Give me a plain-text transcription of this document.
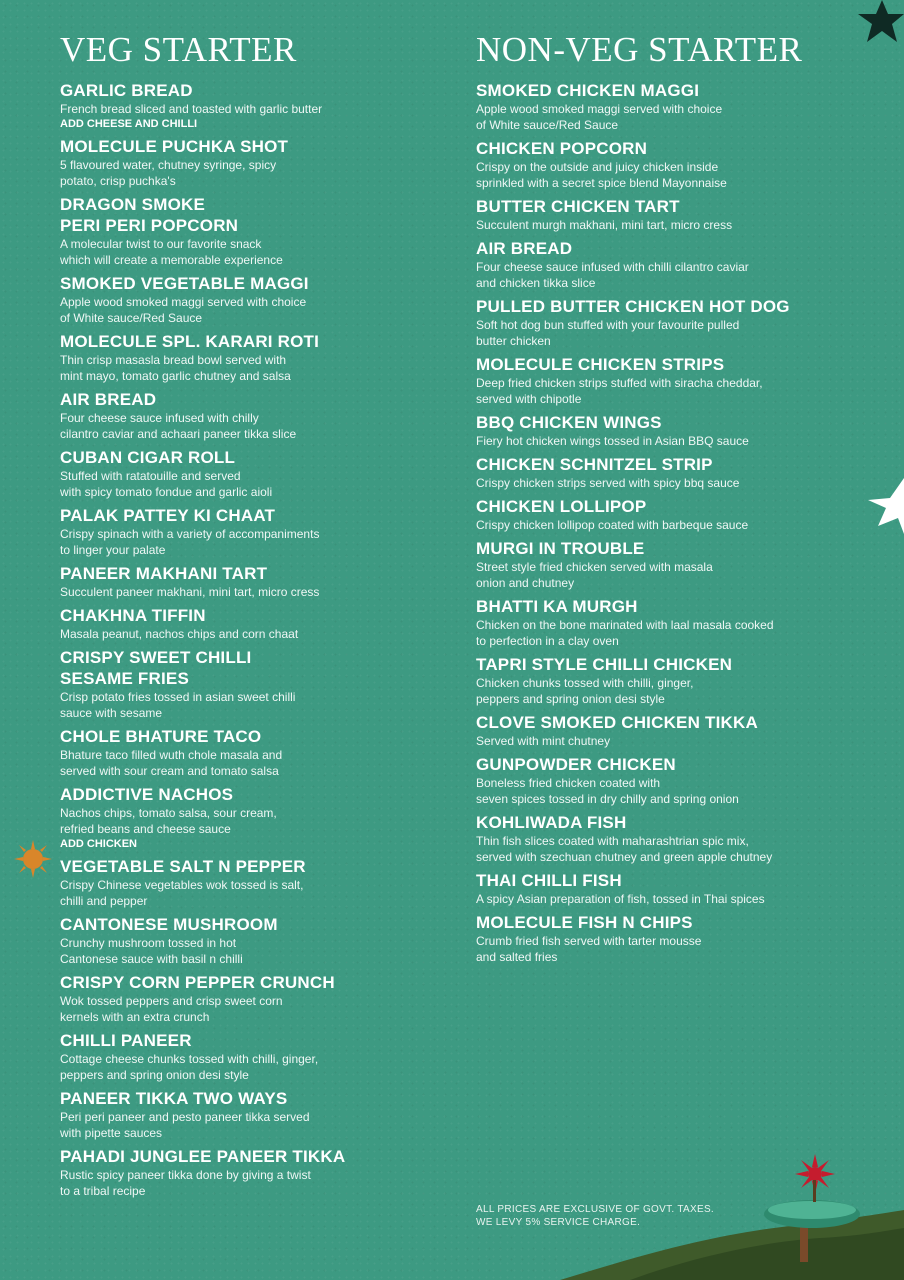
VEG STARTER
GARLIC BREAD
French bread sliced and toasted with garlic butter
ADD CHEESE AND CHILLI
MOLECULE PUCHKA SHOT
5 flavoured water, chutney syringe, spicy
potato, crisp puchka's
DRAGON SMOKE
PERI PERI POPCORN
A molecular twist to our favorite snack
which will create a memorable experience
SMOKED VEGETABLE MAGGI
Apple wood smoked maggi served with choice
of White sauce/Red Sauce
MOLECULE SPL. KARARI ROTI
Thin crisp masasla bread bowl served with
mint mayo, tomato garlic chutney and salsa
AIR BREAD
Four cheese sauce infused with chilly
cilantro caviar and achaari paneer tikka slice
CUBAN CIGAR ROLL
Stuffed with ratatouille and served
with spicy tomato fondue and garlic aioli
PALAK PATTEY KI CHAAT
Crispy spinach with a variety of accompaniments
to linger your palate
PANEER MAKHANI TART
Succulent paneer makhani, mini tart, micro cress
CHAKHNA TIFFIN
Masala peanut, nachos chips and corn chaat
CRISPY SWEET CHILLI
SESAME FRIES
Crisp potato fries tossed in asian sweet chilli
sauce with sesame
CHOLE BHATURE TACO
Bhature taco filled wuth chole masala and
served with sour cream and tomato salsa
ADDICTIVE NACHOS
Nachos chips, tomato salsa, sour cream,
refried beans and cheese sauce
ADD CHICKEN
VEGETABLE SALT N PEPPER
Crispy Chinese vegetables wok tossed is salt,
chilli and pepper
CANTONESE MUSHROOM
Crunchy mushroom tossed in hot
Cantonese sauce with basil n chilli
CRISPY CORN PEPPER CRUNCH
Wok tossed peppers and crisp sweet corn
kernels with an extra crunch
CHILLI PANEER
Cottage cheese chunks tossed with chilli, ginger,
peppers and spring onion desi style
PANEER TIKKA TWO WAYS
Peri peri paneer and pesto paneer tikka served
with pipette sauces
PAHADI JUNGLEE PANEER TIKKA
Rustic spicy paneer tikka done by giving a twist
to a tribal recipe
NON-VEG STARTER
SMOKED CHICKEN MAGGI
Apple wood smoked maggi served with choice
of White sauce/Red Sauce
CHICKEN POPCORN
Crispy on the outside and juicy chicken inside
sprinkled with a secret spice blend Mayonnaise
BUTTER CHICKEN TART
Succulent murgh makhani, mini tart, micro cress
AIR BREAD
Four cheese sauce infused with chilli cilantro caviar
and chicken tikka slice
PULLED BUTTER CHICKEN HOT DOG
Soft hot dog bun stuffed with your favourite pulled
butter chicken
MOLECULE CHICKEN STRIPS
Deep fried chicken strips stuffed with siracha cheddar,
served with chipotle
BBQ CHICKEN WINGS
Fiery hot chicken wings tossed in Asian BBQ sauce
CHICKEN SCHNITZEL STRIP
Crispy chicken strips served with spicy bbq sauce
CHICKEN LOLLIPOP
Crispy chicken lollipop coated with barbeque sauce
MURGI IN TROUBLE
Street style fried chicken served with masala
onion and chutney
BHATTI KA MURGH
Chicken on the bone marinated with laal masala cooked
to perfection in a clay oven
TAPRI STYLE CHILLI CHICKEN
Chicken chunks tossed with chilli, ginger,
peppers and spring onion desi style
CLOVE SMOKED CHICKEN TIKKA
Served with mint chutney
GUNPOWDER CHICKEN
Boneless fried chicken coated with
seven spices tossed in dry chilly and spring onion
KOHLIWADA FISH
Thin fish slices coated with maharashtrian spic mix,
served with szechuan chutney and green apple chutney
THAI CHILLI FISH
A spicy Asian preparation of fish, tossed in Thai spices
MOLECULE FISH N CHIPS
Crumb fried fish served with tarter mousse
and salted fries
ALL PRICES ARE EXCLUSIVE OF GOVT. TAXES.
WE LEVY 5% SERVICE CHARGE.
